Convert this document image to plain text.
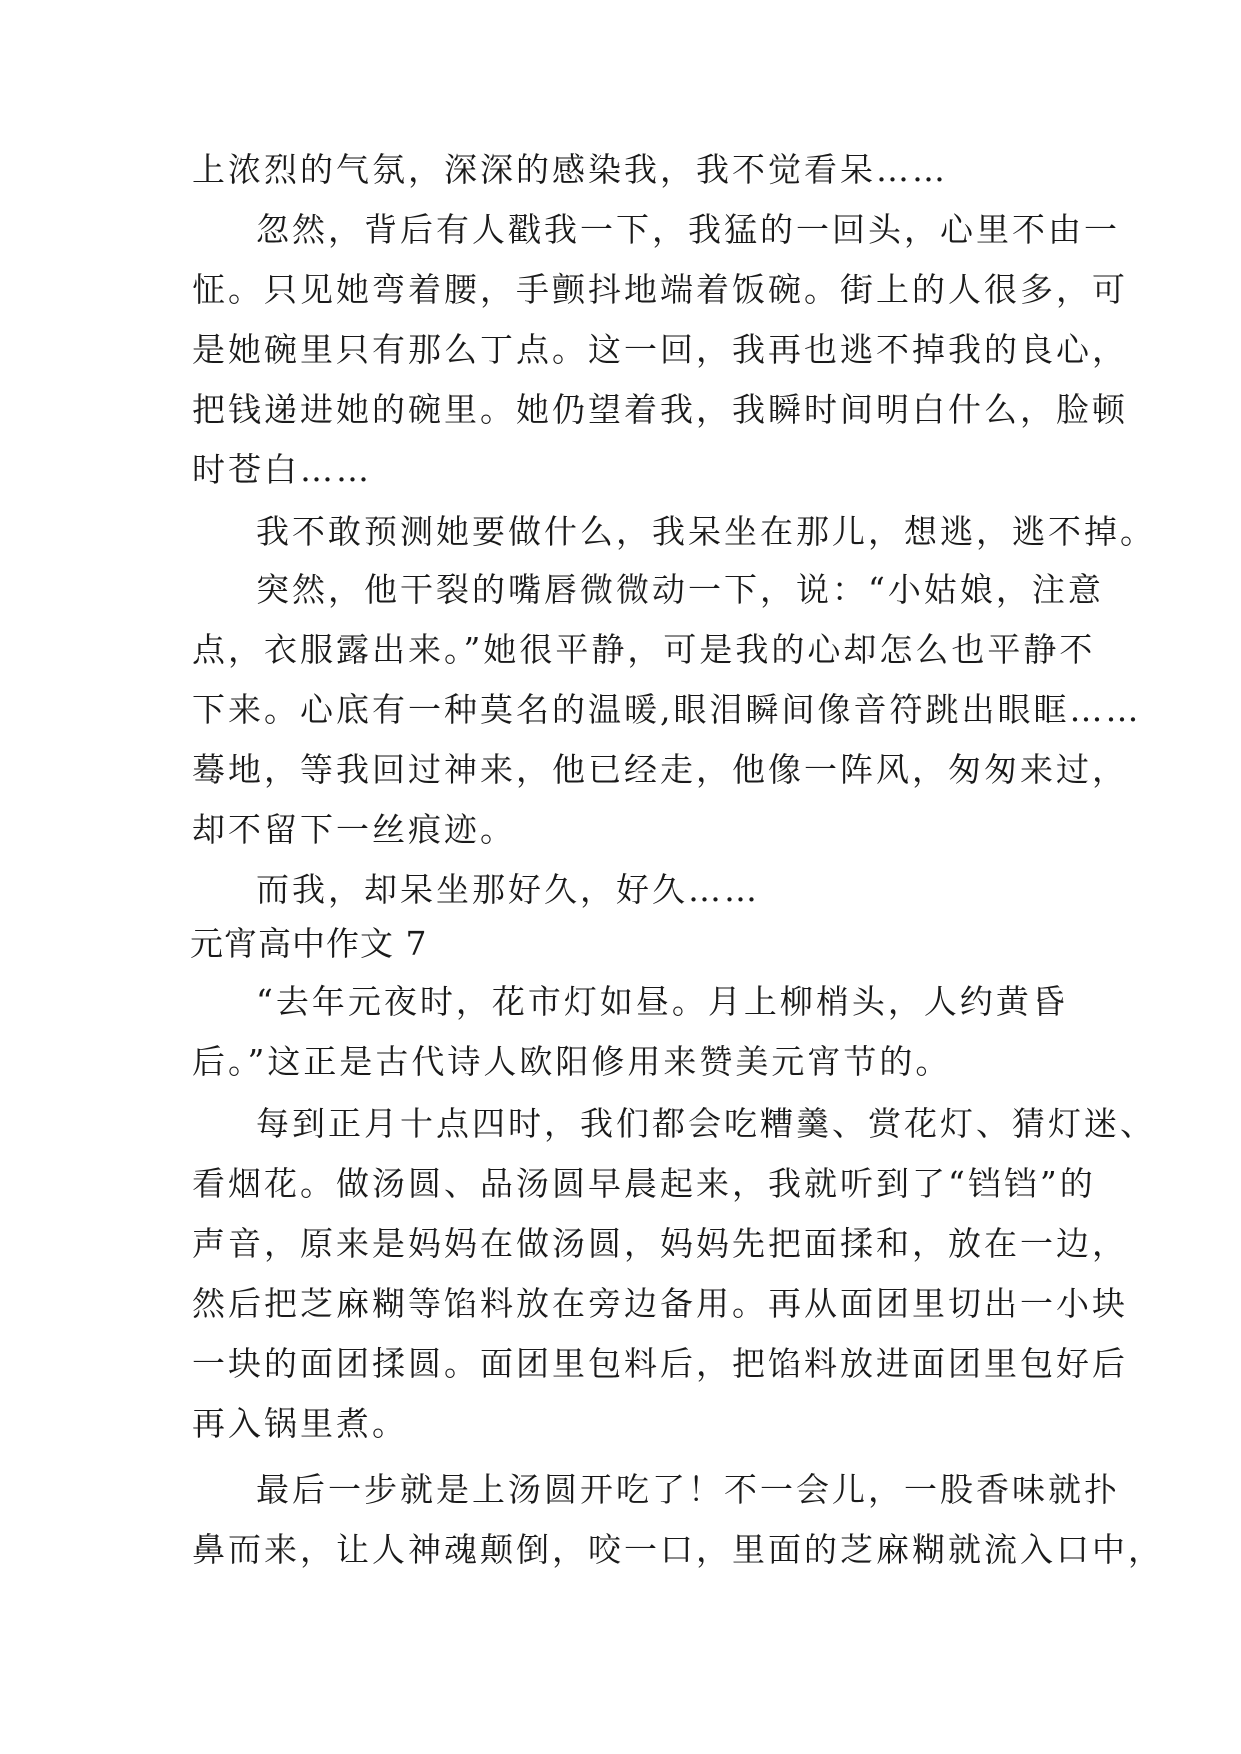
上浓烈的气氛，深深的感染我，我不觉看呆……
忽然，背后有人戳我一下，我猛的一回头，心里不由一
怔。只见她弯着腰，手颤抖地端着饭碗。街上的人很多，可
是她碗里只有那么丁点。这一回，我再也逃不掉我的良心，
把钱递进她的碗里。她仍望着我，我瞬时间明白什么，脸顿
时苍白……
我不敢预测她要做什么，我呆坐在那儿，想逃，逃不掉。
突然，他干裂的嘴唇微微动一下，说：“小姑娘，注意
点，衣服露出来。”她很平静，可是我的心却怎么也平静不
下来。心底有一种莫名的温暖,眼泪瞬间像音符跳出眼眶……
蓦地，等我回过神来，他已经走，他像一阵风，匆匆来过，
却不留下一丝痕迹。
而我，却呆坐那好久，好久……
元宵高中作文 7
“去年元夜时，花市灯如昼。月上柳梢头，人约黄昏
后。”这正是古代诗人欧阳修用来赞美元宵节的。
每到正月十点四时，我们都会吃糟羹、赏花灯、猜灯迷、
看烟花。做汤圆、品汤圆早晨起来，我就听到了“铛铛”的
声音，原来是妈妈在做汤圆，妈妈先把面揉和，放在一边，
然后把芝麻糊等馅料放在旁边备用。再从面团里切出一小块
一块的面团揉圆。面团里包料后，把馅料放进面团里包好后
再入锅里煮。
最后一步就是上汤圆开吃了！不一会儿，一股香味就扑
鼻而来，让人神魂颠倒，咬一口，里面的芝麻糊就流入口中，
